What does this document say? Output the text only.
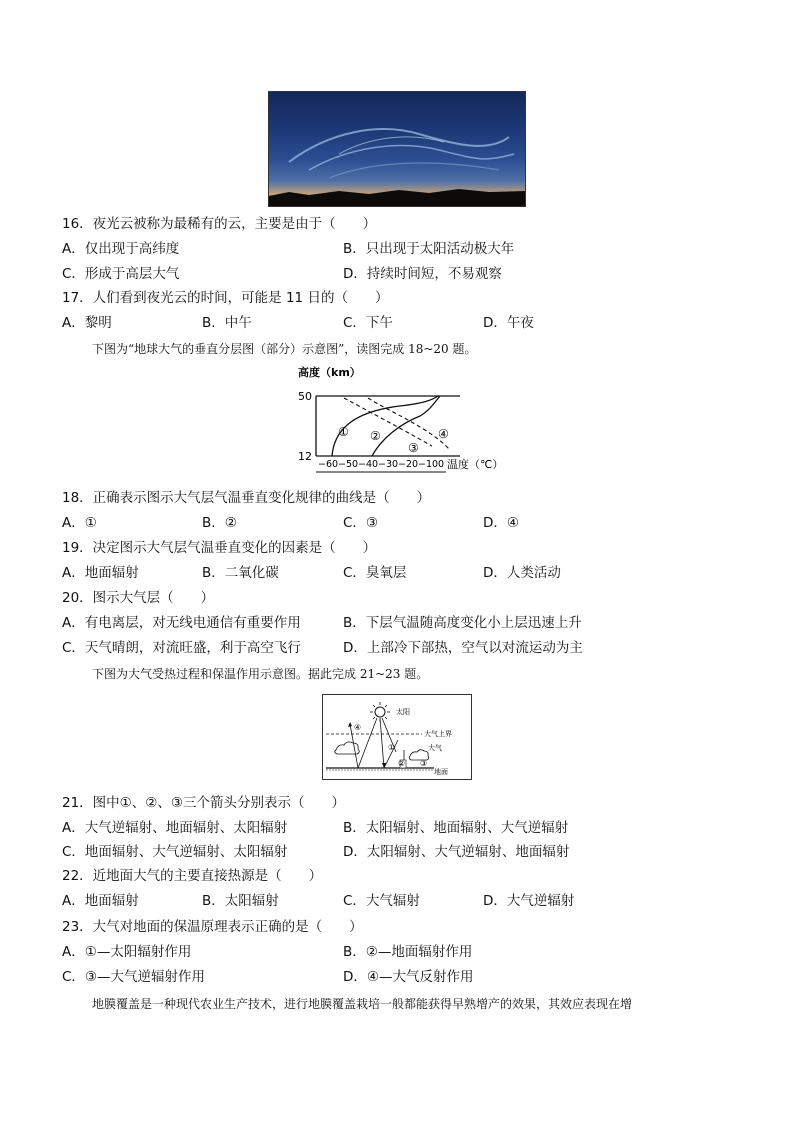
16．夜光云被称为最稀有的云，主要是由于（　　）
A．仅出现于高纬度	B．只出现于太阳活动极大年
C．形成于高层大气	D．持续时间短，不易观察
17．人们看到夜光云的时间，可能是 11 日的（　　）
A．黎明	B．中午	C．下午	D．午夜
下图为“地球大气的垂直分层图（部分）示意图”，读图完成 18~20 题。
高度（km）
50
12
① ②
③
④
−60 −50 −40 −30 −20 −10 0 温度（℃）
18．正确表示图示大气层气温垂直变化规律的曲线是（　　）
A．①	B．②	C．③	D．④
19．决定图示大气层气温垂直变化的因素是（　　）
A．地面辐射	B．二氧化碳	C．臭氧层	D．人类活动
20．图示大气层（　　）
A．有电离层，对无线电通信有重要作用	B．下层气温随高度变化小上层迅速上升
C．天气晴朗，对流旺盛，利于高空飞行	D．上部冷下部热，空气以对流运动为主
下图为大气受热过程和保温作用示意图。据此完成 21~23 题。
太阳
大气上界
大气
地面
④
①
② ③
21．图中①、②、③三个箭头分别表示（　　）
A．大气逆辐射、地面辐射、太阳辐射	B．太阳辐射、地面辐射、大气逆辐射
C．地面辐射、大气逆辐射、太阳辐射	D．太阳辐射、大气逆辐射、地面辐射
22．近地面大气的主要直接热源是（　　）
A．地面辐射	B．太阳辐射	C．大气辐射	D．大气逆辐射
23．大气对地面的保温原理表示正确的是（　　）
A．①—太阳辐射作用	B．②—地面辐射作用
C．③—大气逆辐射作用	D．④—大气反射作用
地膜覆盖是一种现代农业生产技术，进行地膜覆盖栽培一般都能获得早熟增产的效果，其效应表现在增
